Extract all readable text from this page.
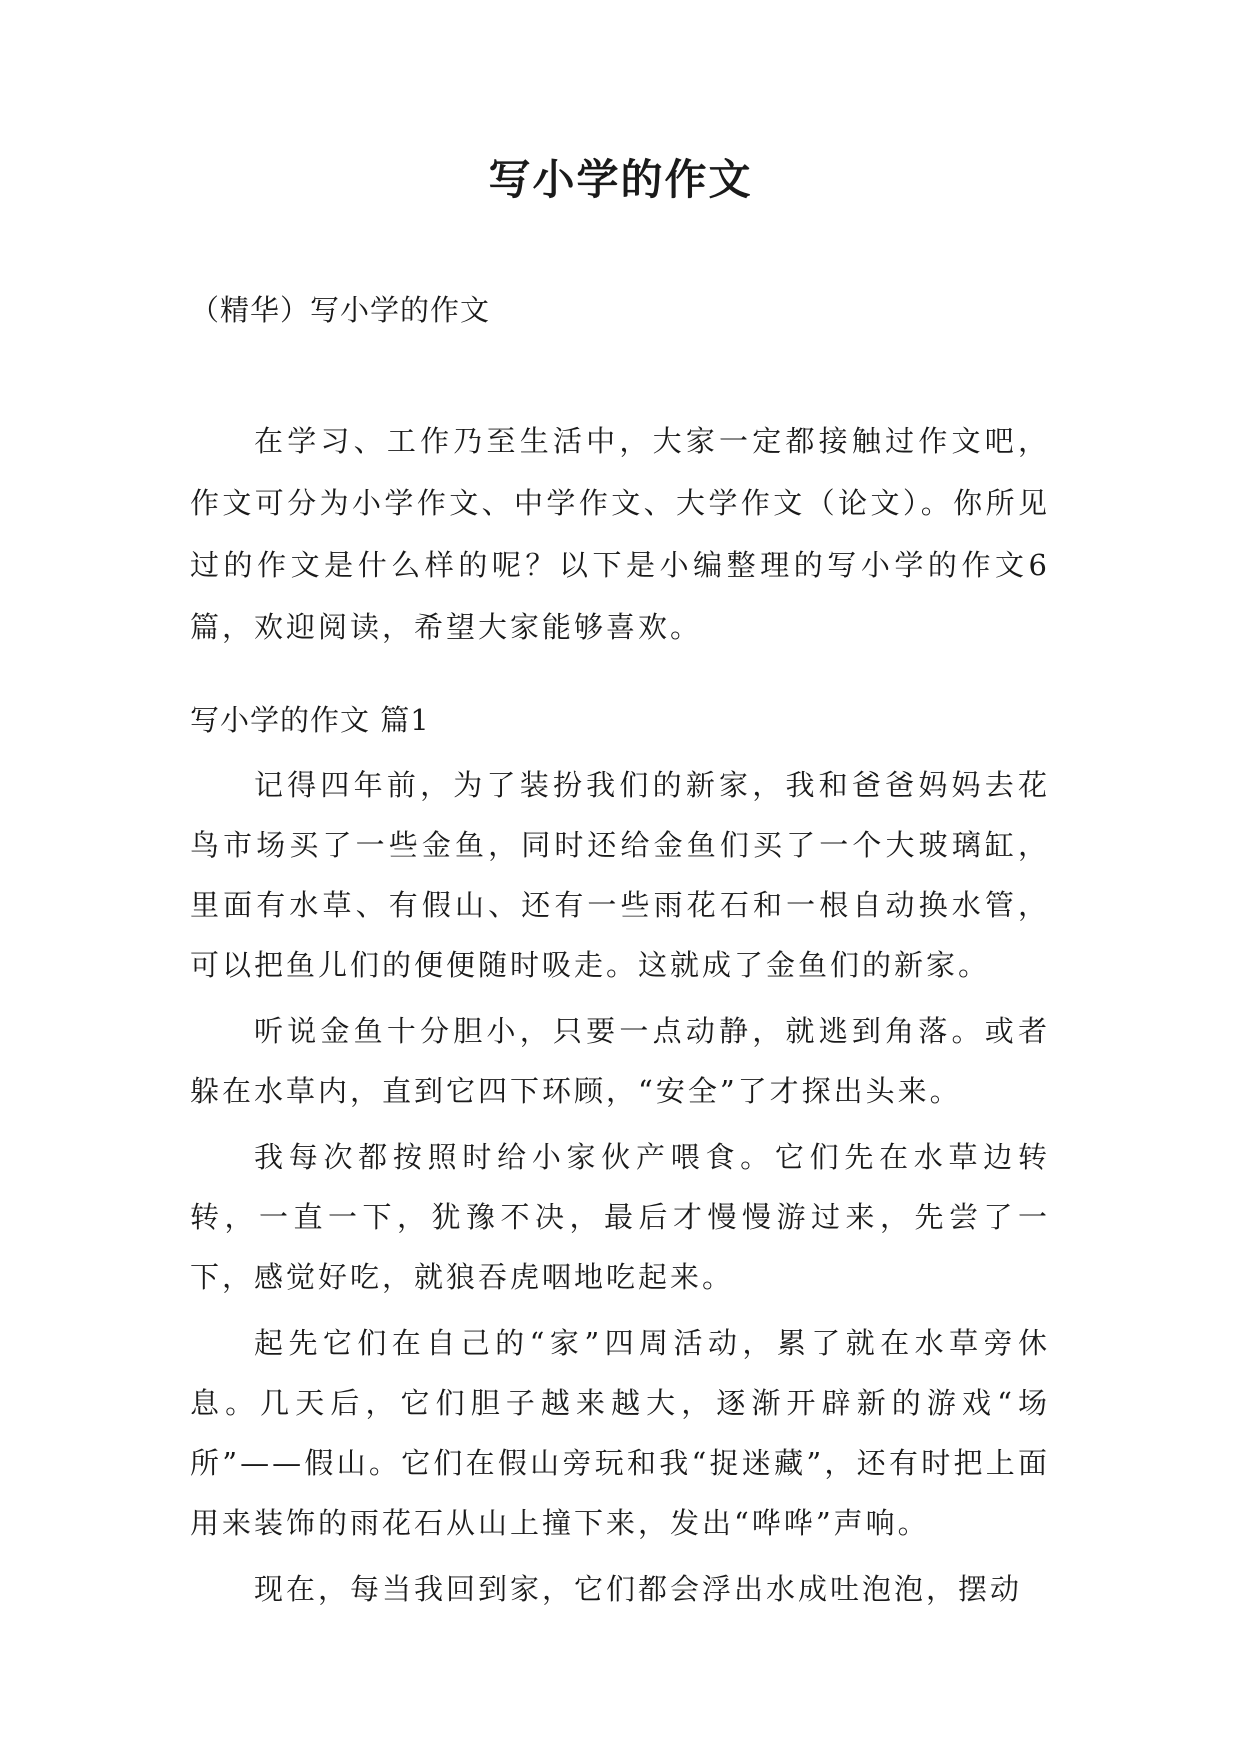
写小学的作文
（精华）写小学的作文

在学习、工作乃至生活中，大家一定都接触过作文吧，作文可分为小学作文、中学作文、大学作文（论文）。你所见过的作文是什么样的呢？以下是小编整理的写小学的作文6篇，欢迎阅读，希望大家能够喜欢。

写小学的作文 篇1

记得四年前，为了装扮我们的新家，我和爸爸妈妈去花鸟市场买了一些金鱼，同时还给金鱼们买了一个大玻璃缸，里面有水草、有假山、还有一些雨花石和一根自动换水管，可以把鱼儿们的便便随时吸走。这就成了金鱼们的新家。

听说金鱼十分胆小，只要一点动静，就逃到角落。或者躲在水草内，直到它四下环顾，“安全”了才探出头来。

我每次都按照时给小家伙产喂食。它们先在水草边转转，一直一下，犹豫不决，最后才慢慢游过来，先尝了一下，感觉好吃，就狼吞虎咽地吃起来。

起先它们在自己的“家”四周活动，累了就在水草旁休息。几天后，它们胆子越来越大，逐渐开辟新的游戏“场所”——假山。它们在假山旁玩和我“捉迷藏”，还有时把上面用来装饰的雨花石从山上撞下来，发出“哗哗”声响。

现在，每当我回到家，它们都会浮出水成吐泡泡，摆动
